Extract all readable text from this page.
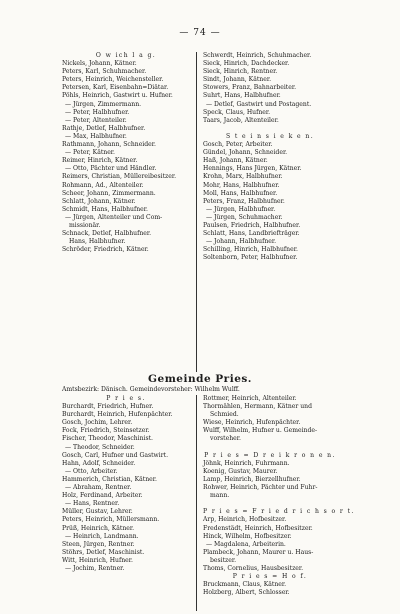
— 74 —
O w ich l a g.
Nickels, Johann, Kätner.
Peters, Karl, Schuhmacher.
Peters, Heinrich, Weichensteller.
Petersen, Karl, Eisenbahn=Diätar.
Pöhls, Heinrich, Gastwirt u. Hufner.
— Jürgen, Zimmermann.
— Peter, Halbhufner.
— Peter, Altenteiler.
Rathje, Detlef, Halbhufner.
— Max, Halbhufner.
Rathmann, Johann, Schneider.
— Peter, Kätner.
Reimer, Hinrich, Kätner.
— Otto, Pächter und Händler.
Reimers, Christian, Müllereibesitzer.
Rohmann, Ad., Altenteiler.
Scheer, Johann, Zimmermann.
Schlatt, Johann, Kätner.
Schmidt, Hans, Halbhufner.
— Jürgen, Altenteiler und Com-
missionär.
Schnack, Detlef, Halbhufner.
Hans, Halbhufner.
Schröder, Friedrich, Kätner.
Schwerdt, Heinrich, Schuhmacher.
Sieck, Hinrich, Dachdecker.
Sieck, Hinrich, Rentner.
Sindt, Johann, Kätner.
Stowers, Franz, Bahnarbeiter.
Suhrt, Hans, Halbhufner.
— Detlef, Gastwirt und Postagent.
Speck, Claus, Hufner.
Taars, Jacob, Altenteiler.
S t e i n s i e k e n.
Gosch, Peter, Arbeiter.
Gündel, Johann, Schneider.
Haß, Johann, Kätner.
Hennings, Hans Jürgen, Kätner.
Krohn, Marx, Halbhufner.
Mohr, Hans, Halbhufner.
Moll, Hans, Halbhufner.
Peters, Franz, Halbhufner.
— Jürgen, Halbhufner.
— Jürgen, Schuhmacher.
Paulsen, Friedrich, Halbhufner.
Schlatt, Hans, Landbriefträger.
— Johann, Halbhufner.
Schilling, Hinrich, Halbhufner.
Soltenborn, Peter, Halbhufner.
Gemeinde Pries.
Amtsbezirk: Dänisch. Gemeindevorsteher: Wilhelm Wulff.
P r i e s.
Burchardt, Friedrich, Hufner.
Burchardt, Heinrich, Hufenpächter.
Gosch, Jochim, Lehrer.
Fock, Friedrich, Steinsetzer.
Fischer, Theodor, Maschinist.
— Theodor, Schneider.
Gosch, Carl, Hufner und Gastwirt.
Hahn, Adolf, Schneider.
— Otto, Arbeiter.
Hammerich, Christian, Kätner.
— Abraham, Rentner.
Holz, Ferdinand, Arbeiter.
— Hans, Rentner.
Müller, Gustav, Lehrer.
Peters, Heinrich, Müllersmann.
Prüß, Heinrich, Kätner.
— Heinrich, Landmann.
Steen, Jürgen, Rentner.
Stöhrs, Detlef, Maschinist.
Witt, Heinrich, Hufner.
— Jochim, Rentner.
Rottmer, Heinrich, Altenteiler.
Thormählen, Hermann, Kätner und
Schmied.
Wiese, Heinrich, Hufenpächter.
Wulff, Wilhelm, Hufner u. Gemeinde-
vorsteher.
P r i e s = D r e i k r o n e n.
Jöhnk, Heinrich, Fuhrmann.
Koenig, Gustav, Maurer.
Lamp, Heinrich, Bierzellhufner.
Rohwer, Heinrich, Pächter und Fuhr-
mann.
P r i e s = F r i e d r i c h s o r t.
Arp, Heinrich, Hofbesitzer.
Fredenstädt, Heinrich, Hofbesitzer.
Hinck, Wilhelm, Hofbesitzer.
— Magdalena, Arbeiterin.
Plambeck, Johann, Maurer u. Haus-
besitzer.
Thoms, Cornelius, Hausbesitzer.
P r i e s = H o f.
Bruckmann, Claus, Kätner.
Holzberg, Albert, Schlosser.
